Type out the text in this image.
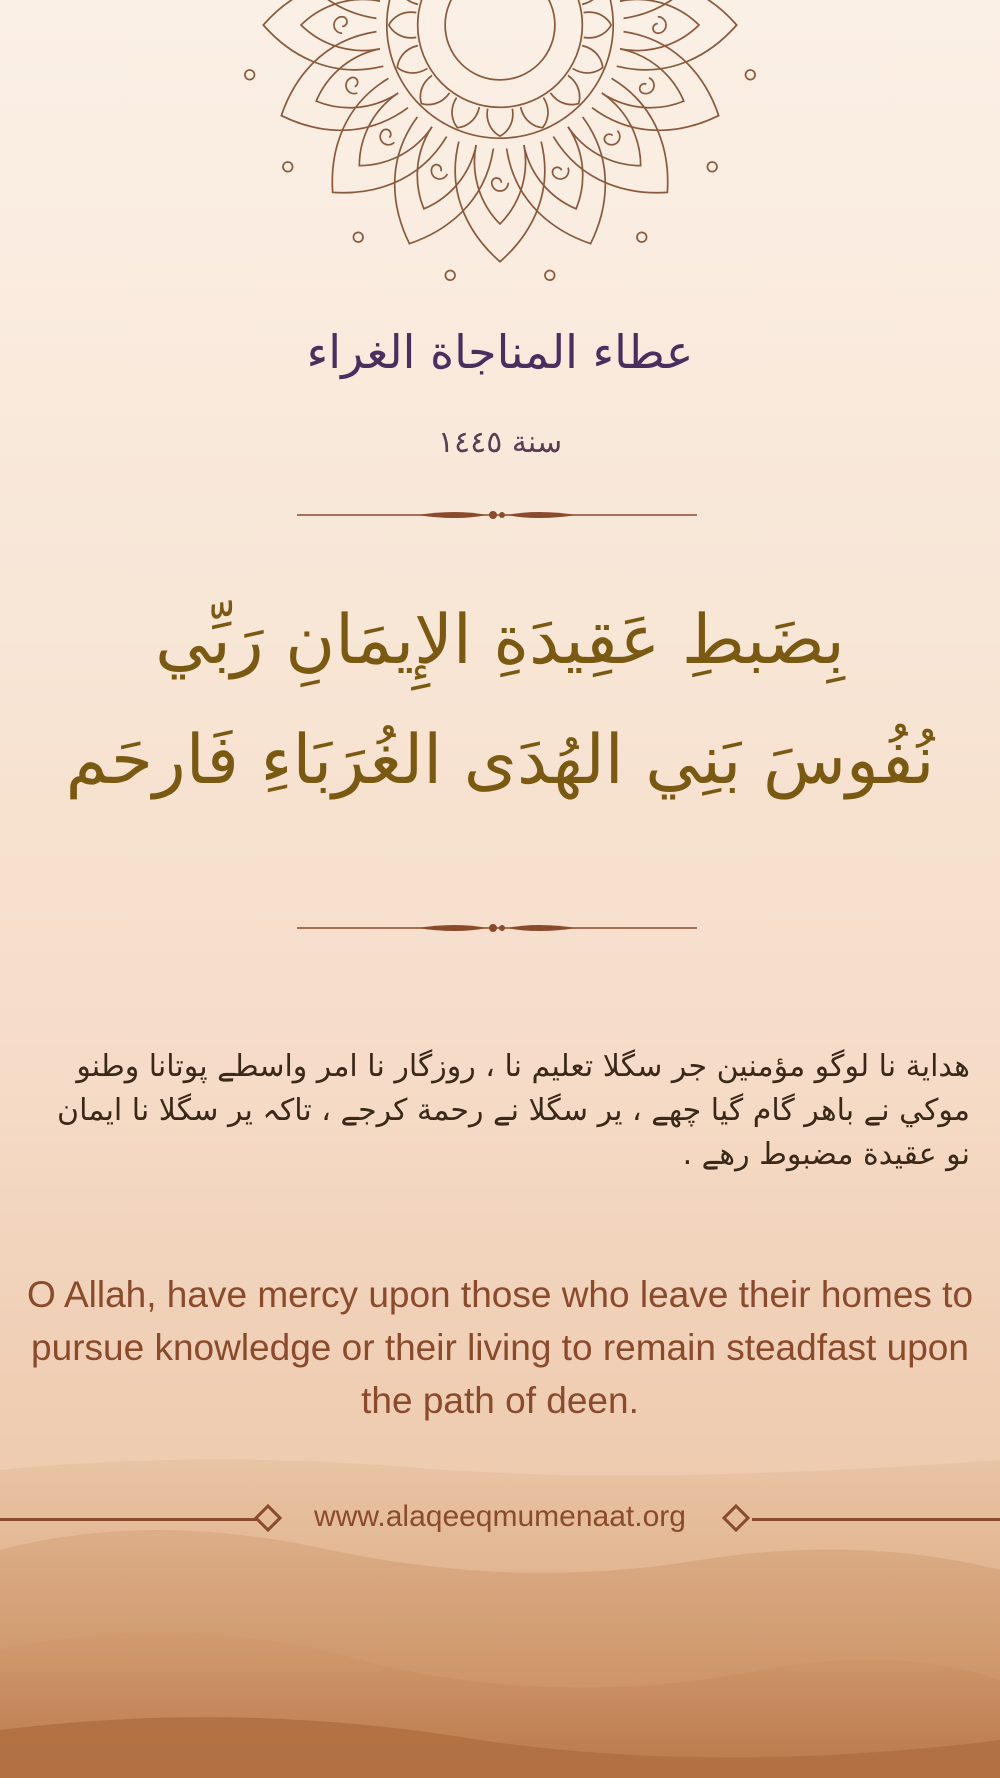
عطاء المناجاة الغراء
سنة ١٤٤٥
بِضَبطِ عَقِيدَةِ الإِيمَانِ رَبِّي
نُفُوسَ بَنِي الهُدَى الغُرَبَاءِ فَارحَم
هداية نا لوگو مؤمنين جر سگلا تعليم نا ، روزگار نا امر واسطے پوتانا وطنو موكي نے باهر گام گيا چھے ، ير سگلا نے رحمة كرجے ، تاكہ ير سگلا نا ايمان نو عقيدة مضبوط رهے .
O Allah, have mercy upon those who leave their homes to pursue knowledge or their living to remain steadfast upon the path of deen.
www.alaqeeqmumenaat.org
